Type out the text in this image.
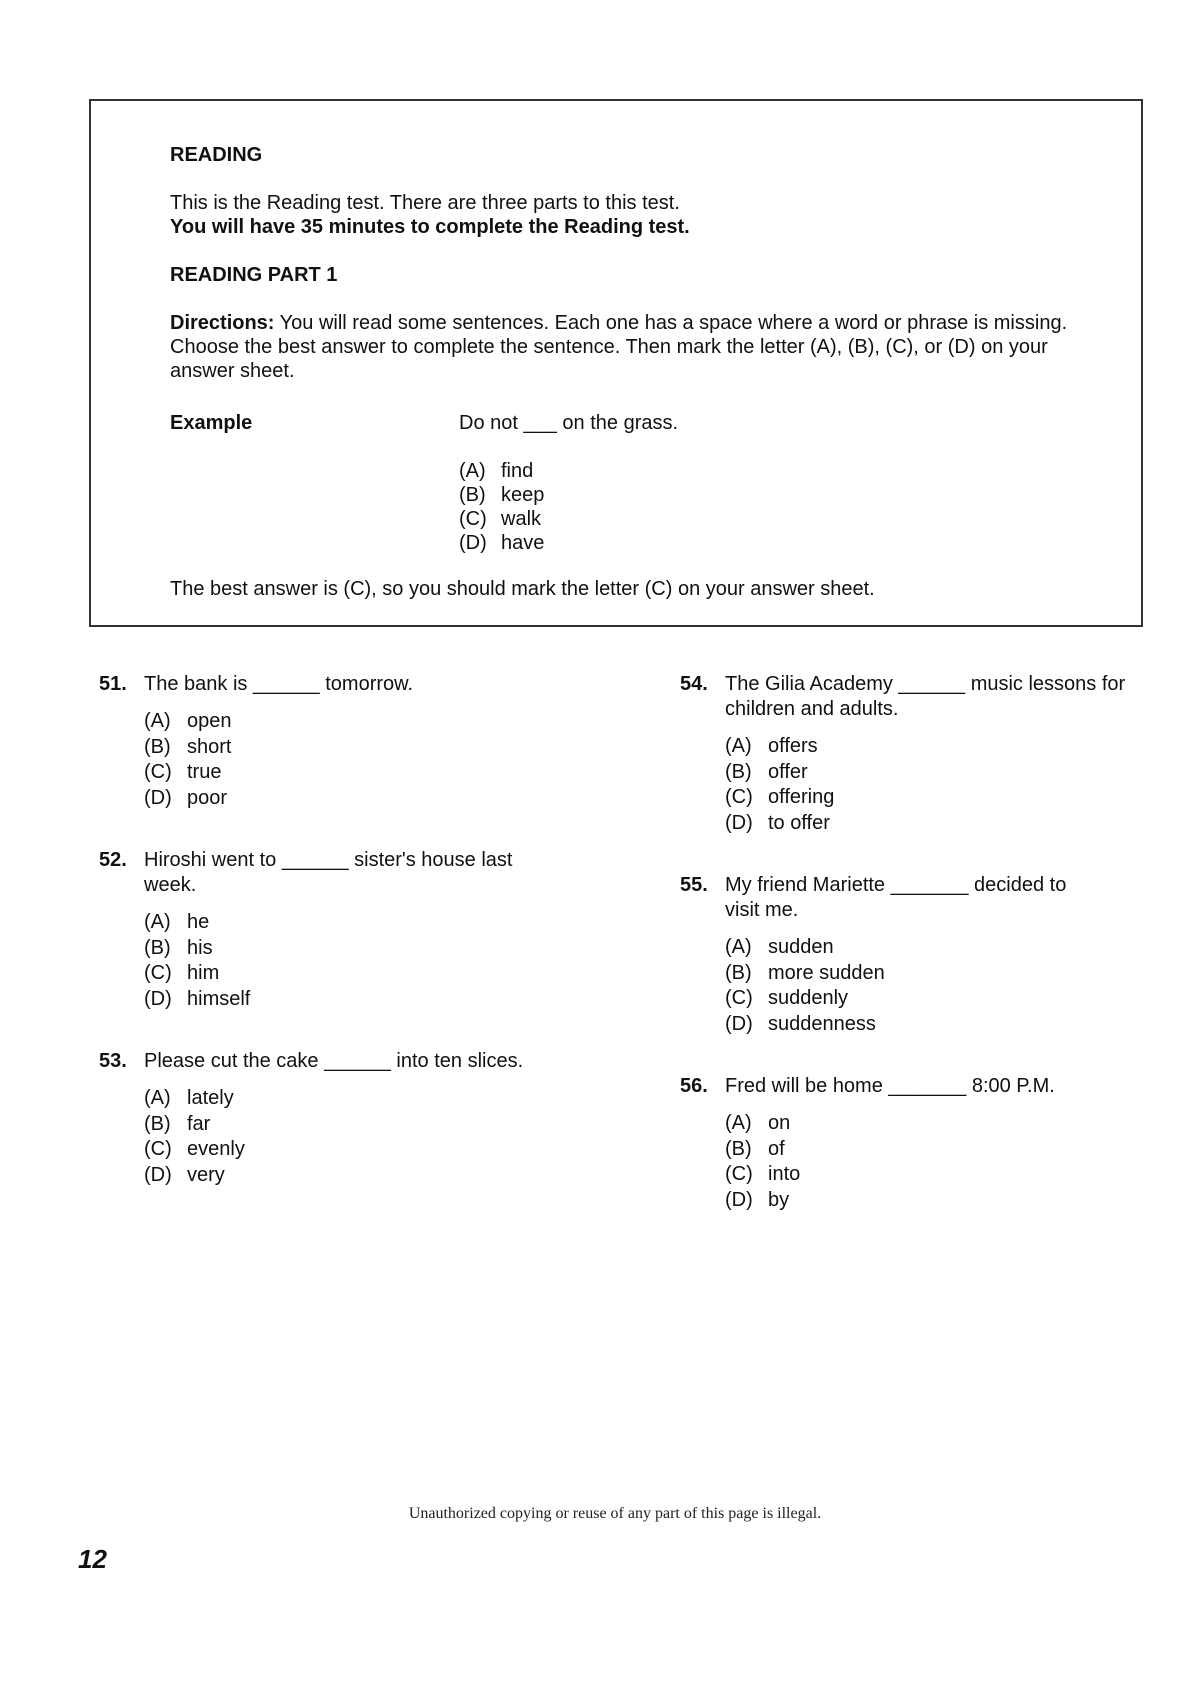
READING
This is the Reading test. There are three parts to this test.
You will have 35 minutes to complete the Reading test.
READING PART 1
Directions: You will read some sentences. Each one has a space where a word or phrase is missing. Choose the best answer to complete the sentence. Then mark the letter (A), (B), (C), or (D) on your answer sheet.
Example	Do not ___ on the grass.
(A) find
(B) keep
(C) walk
(D) have
The best answer is (C), so you should mark the letter (C) on your answer sheet.
51. The bank is ______ tomorrow.

(A) open
(B) short
(C) true
(D) poor
52. Hiroshi went to ______ sister's house last week.

(A) he
(B) his
(C) him
(D) himself
53. Please cut the cake ______ into ten slices.

(A) lately
(B) far
(C) evenly
(D) very
54. The Gilia Academy ______ music lessons for children and adults.

(A) offers
(B) offer
(C) offering
(D) to offer
55. My friend Mariette _______ decided to visit me.

(A) sudden
(B) more sudden
(C) suddenly
(D) suddenness
56. Fred will be home _______ 8:00 P.M.

(A) on
(B) of
(C) into
(D) by
Unauthorized copying or reuse of any part of this page is illegal.
12
